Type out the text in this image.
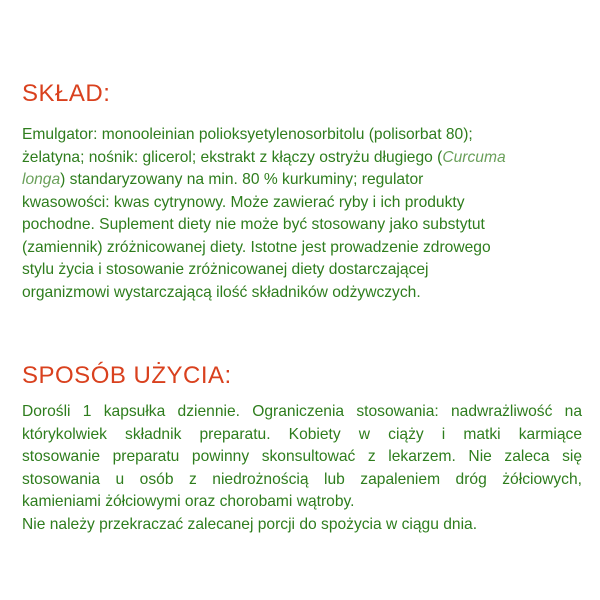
SKŁAD:

Emulgator: monooleinian polioksyetylenosorbitolu (polisorbat 80);
żelatyna; nośnik: glicerol; ekstrakt z kłączy ostryżu długiego (Curcuma
longa) standaryzowany na min. 80 % kurkuminy; regulator
kwasowości: kwas cytrynowy. Może zawierać ryby i ich produkty
pochodne. Suplement diety nie może być stosowany jako substytut
(zamiennik) zróżnicowanej diety. Istotne jest prowadzenie zdrowego
stylu życia i stosowanie zróżnicowanej diety dostarczającej
organizmowi wystarczającą ilość składników odżywczych.

SPOSÓB UŻYCIA:

Dorośli 1 kapsułka dziennie. Ograniczenia stosowania: nadwrażliwość na
którykolwiek składnik preparatu. Kobiety w ciąży i matki karmiące
stosowanie preparatu powinny skonsultować z lekarzem. Nie zaleca się
stosowania u osób z niedrożnością lub zapaleniem dróg żółciowych,
kamieniami żółciowymi oraz chorobami wątroby.
Nie należy przekraczać zalecanej porcji do spożycia w ciągu dnia.
